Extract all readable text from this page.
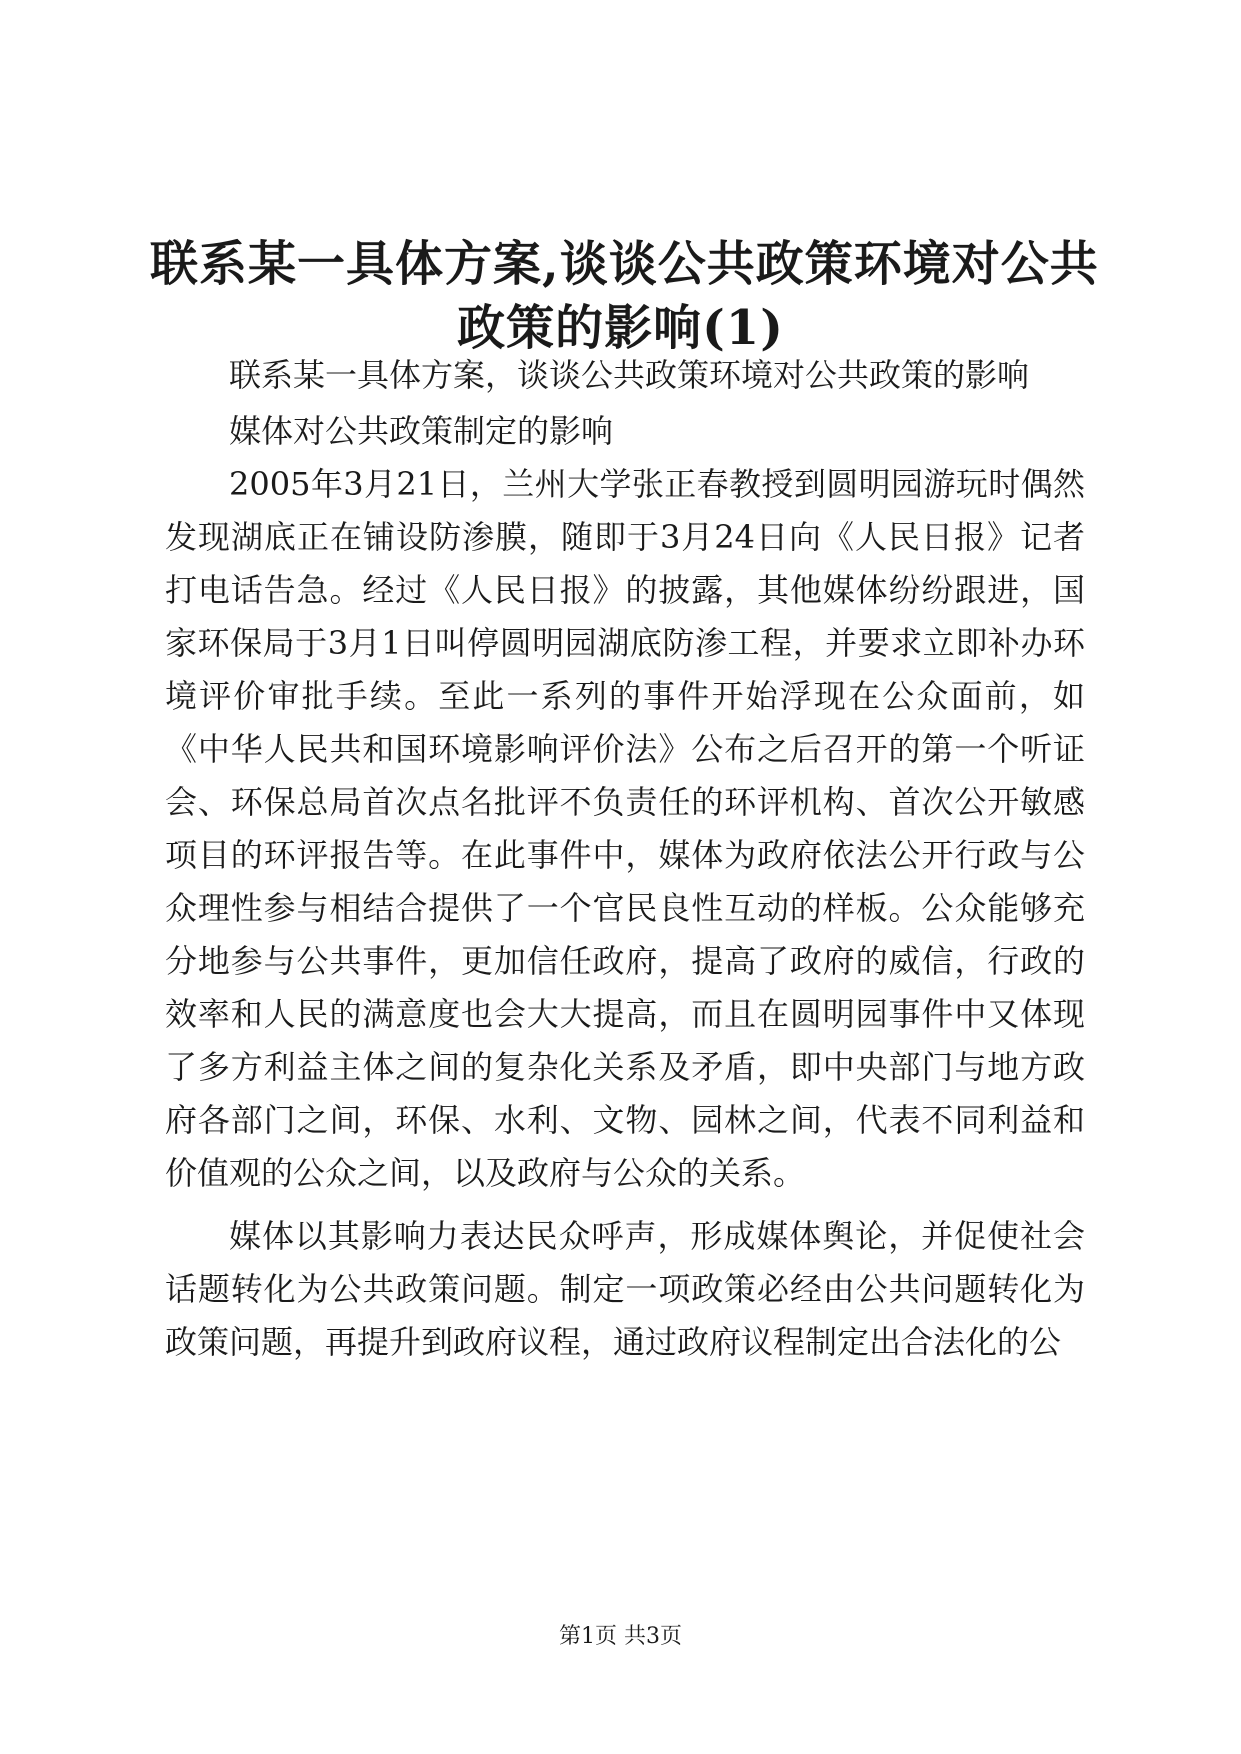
联系某一具体方案,谈谈公共政策环境对公共
政策的影响(1)

联系某一具体方案，谈谈公共政策环境对公共政策的影响

媒体对公共政策制定的影响

2005年3月21日，兰州大学张正春教授到圆明园游玩时偶然发现湖底正在铺设防渗膜，随即于3月24日向《人民日报》记者打电话告急。经过《人民日报》的披露，其他媒体纷纷跟进，国家环保局于3月1日叫停圆明园湖底防渗工程，并要求立即补办环境评价审批手续。至此一系列的事件开始浮现在公众面前，如《中华人民共和国环境影响评价法》公布之后召开的第一个听证会、环保总局首次点名批评不负责任的环评机构、首次公开敏感项目的环评报告等。在此事件中，媒体为政府依法公开行政与公众理性参与相结合提供了一个官民良性互动的样板。公众能够充分地参与公共事件，更加信任政府，提高了政府的威信，行政的效率和人民的满意度也会大大提高，而且在圆明园事件中又体现了多方利益主体之间的复杂化关系及矛盾，即中央部门与地方政府各部门之间，环保、水利、文物、园林之间，代表不同利益和价值观的公众之间，以及政府与公众的关系。

媒体以其影响力表达民众呼声，形成媒体舆论，并促使社会话题转化为公共政策问题。制定一项政策必经由公共问题转化为政策问题，再提升到政府议程，通过政府议程制定出合法化的公

第1页 共3页
